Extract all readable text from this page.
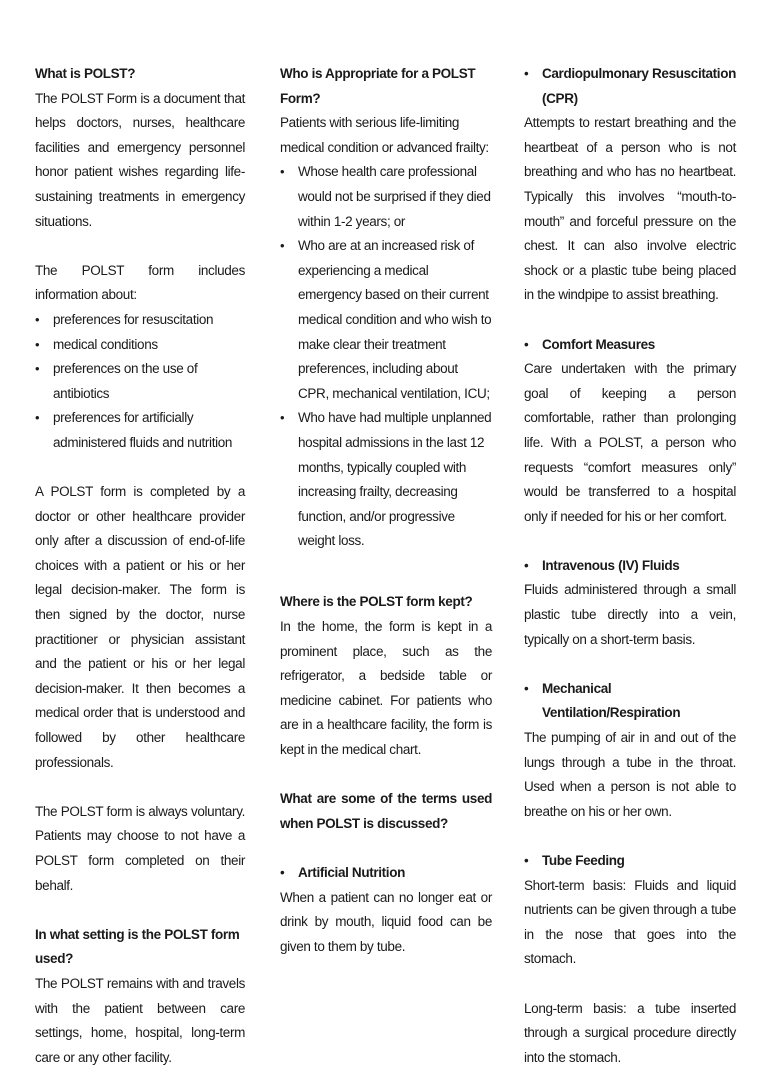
What is POLST?

The POLST Form is a document that helps doctors, nurses, healthcare facilities and emergency personnel honor patient wishes regarding life-sustaining treatments in emergency situations.

The POLST form includes information about:

• preferences for resuscitation
• medical conditions
• preferences on the use of antibiotics
• preferences for artificially administered fluids and nutrition

A POLST form is completed by a doctor or other healthcare provider only after a discussion of end-of-life choices with a patient or his or her legal decision-maker. The form is then signed by the doctor, nurse practitioner or physician assistant and the patient or his or her legal decision-maker. It then becomes a medical order that is understood and followed by other healthcare professionals.

The POLST form is always voluntary. Patients may choose to not have a POLST form completed on their behalf.

In what setting is the POLST form used?

The POLST remains with and travels with the patient between care settings, home, hospital, long-term care or any other facility.

Who is Appropriate for a POLST Form?

Patients with serious life-limiting medical condition or advanced frailty:

• Whose health care professional would not be surprised if they died within 1-2 years; or
• Who are at an increased risk of experiencing a medical emergency based on their current medical condition and who wish to make clear their treatment preferences, including about CPR, mechanical ventilation, ICU;
• Who have had multiple unplanned hospital admissions in the last 12 months, typically coupled with increasing frailty, decreasing function, and/or progressive weight loss.

Where is the POLST form kept?

In the home, the form is kept in a prominent place, such as the refrigerator, a bedside table or medicine cabinet. For patients who are in a healthcare facility, the form is kept in the medical chart.

What are some of the terms used when POLST is discussed?

• Artificial Nutrition

When a patient can no longer eat or drink by mouth, liquid food can be given to them by tube.

• Cardiopulmonary Resuscitation (CPR)

Attempts to restart breathing and the heartbeat of a person who is not breathing and who has no heartbeat. Typically this involves “mouth-to-mouth” and forceful pressure on the chest. It can also involve electric shock or a plastic tube being placed in the windpipe to assist breathing.

• Comfort Measures

Care undertaken with the primary goal of keeping a person comfortable, rather than prolonging life. With a POLST, a person who requests “comfort measures only” would be transferred to a hospital only if needed for his or her comfort.

• Intravenous (IV) Fluids

Fluids administered through a small plastic tube directly into a vein, typically on a short-term basis.

• Mechanical Ventilation/Respiration

The pumping of air in and out of the lungs through a tube in the throat. Used when a person is not able to breathe on his or her own.

• Tube Feeding

Short-term basis: Fluids and liquid nutrients can be given through a tube in the nose that goes into the stomach.

Long-term basis: a tube inserted through a surgical procedure directly into the stomach.
